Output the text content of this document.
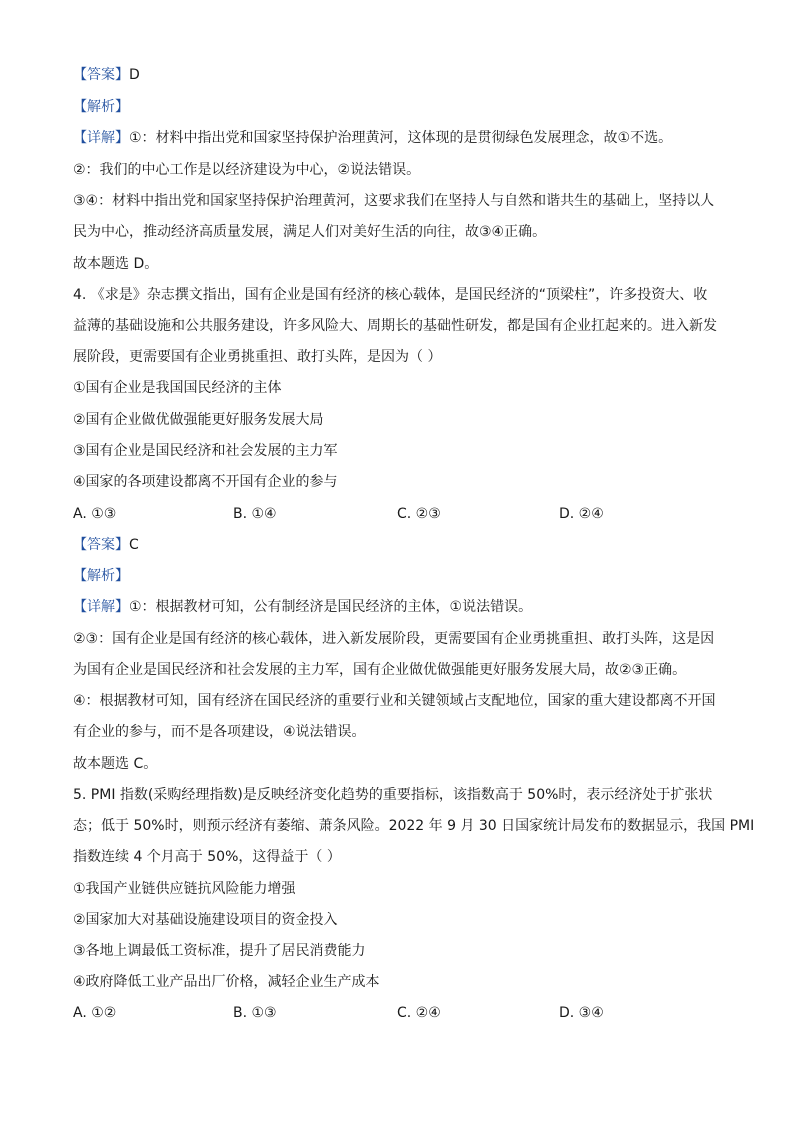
【答案】D
【解析】
【详解】①：材料中指出党和国家坚持保护治理黄河，这体现的是贯彻绿色发展理念，故①不选。
②：我们的中心工作是以经济建设为中心，②说法错误。
③④：材料中指出党和国家坚持保护治理黄河，这要求我们在坚持人与自然和谐共生的基础上，坚持以人
民为中心，推动经济高质量发展，满足人们对美好生活的向往，故③④正确。
故本题选 D。
4. 《求是》杂志撰文指出，国有企业是国有经济的核心载体，是国民经济的“顶梁柱”，许多投资大、收
益薄的基础设施和公共服务建设，许多风险大、周期长的基础性研发，都是国有企业扛起来的。进入新发
展阶段，更需要国有企业勇挑重担、敢打头阵，是因为（ ）
①国有企业是我国国民经济的主体
②国有企业做优做强能更好服务发展大局
③国有企业是国民经济和社会发展的主力军
④国家的各项建设都离不开国有企业的参与
A. ①③	B. ①④	C. ②③	D. ②④
【答案】C
【解析】
【详解】①：根据教材可知，公有制经济是国民经济的主体，①说法错误。
②③：国有企业是国有经济的核心载体，进入新发展阶段，更需要国有企业勇挑重担、敢打头阵，这是因
为国有企业是国民经济和社会发展的主力军，国有企业做优做强能更好服务发展大局，故②③正确。
④：根据教材可知，国有经济在国民经济的重要行业和关键领域占支配地位，国家的重大建设都离不开国
有企业的参与，而不是各项建设，④说法错误。
故本题选 C。
5. PMI 指数(采购经理指数)是反映经济变化趋势的重要指标，该指数高于 50%时，表示经济处于扩张状
态；低于 50%时，则预示经济有萎缩、萧条风险。2022 年 9 月 30 日国家统计局发布的数据显示，我国 PMI
指数连续 4 个月高于 50%，这得益于（ ）
①我国产业链供应链抗风险能力增强
②国家加大对基础设施建设项目的资金投入
③各地上调最低工资标准，提升了居民消费能力
④政府降低工业产品出厂价格，减轻企业生产成本
A. ①②	B. ①③	C. ②④	D. ③④
